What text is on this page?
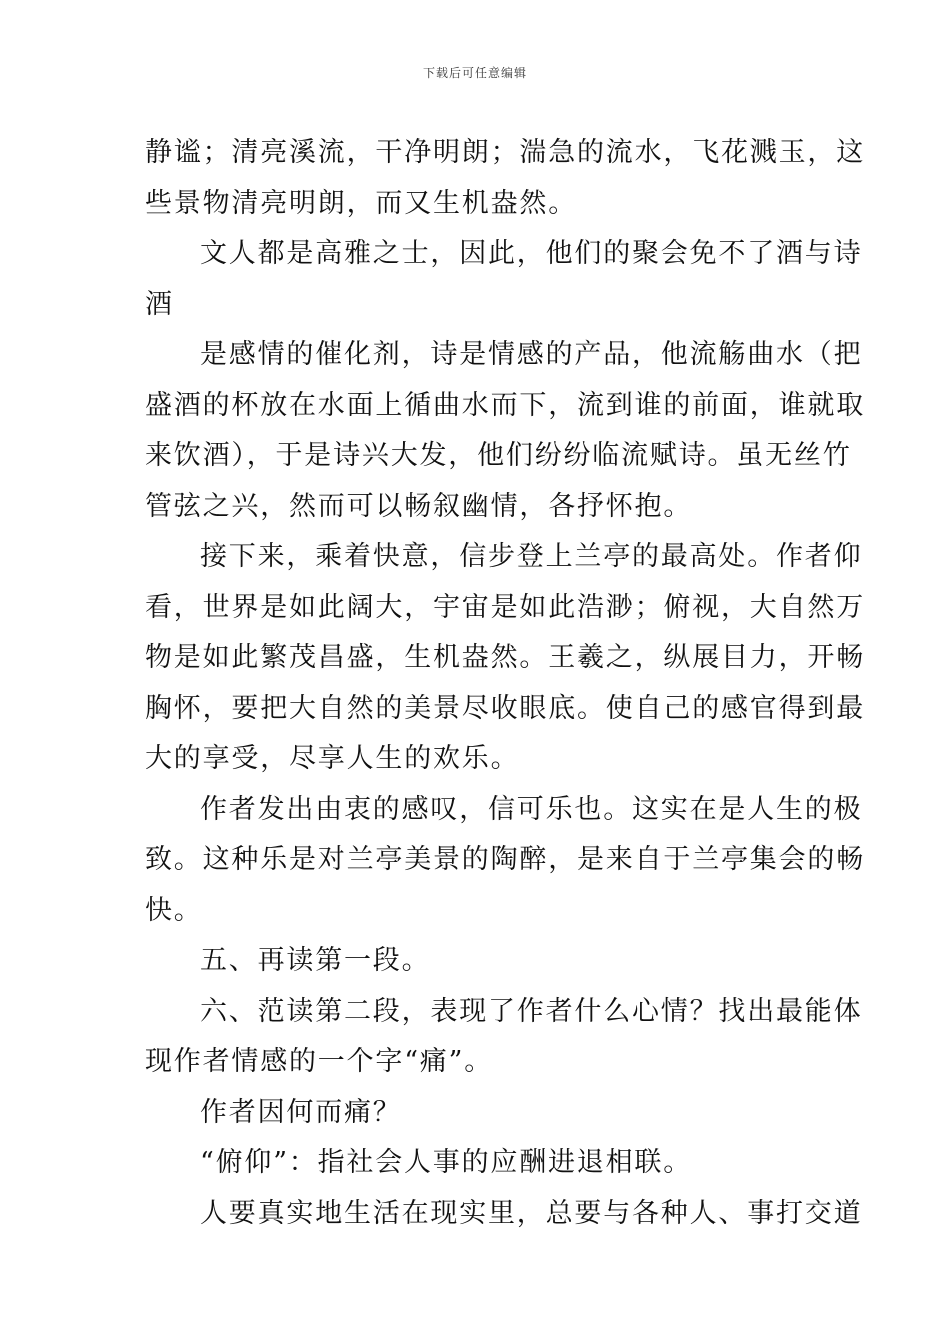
下载后可任意编辑
静谧；清亮溪流，干净明朗；湍急的流水，飞花溅玉，这
些景物清亮明朗，而又生机盎然。
文人都是高雅之士，因此，他们的聚会免不了酒与诗
酒
是感情的催化剂，诗是情感的产品，他流觞曲水（把
盛酒的杯放在水面上循曲水而下，流到谁的前面，谁就取
来饮酒），于是诗兴大发，他们纷纷临流赋诗。虽无丝竹
管弦之兴，然而可以畅叙幽情，各抒怀抱。
接下来，乘着快意，信步登上兰亭的最高处。作者仰
看，世界是如此阔大，宇宙是如此浩渺；俯视，大自然万
物是如此繁茂昌盛，生机盎然。王羲之，纵展目力，开畅
胸怀，要把大自然的美景尽收眼底。使自己的感官得到最
大的享受，尽享人生的欢乐。
作者发出由衷的感叹，信可乐也。这实在是人生的极
致。这种乐是对兰亭美景的陶醉，是来自于兰亭集会的畅
快。
五、再读第一段。
六、范读第二段，表现了作者什么心情？找出最能体
现作者情感的一个字“痛”。
作者因何而痛？
“俯仰”：指社会人事的应酬进退相联。
人要真实地生活在现实里，总要与各种人、事打交道
